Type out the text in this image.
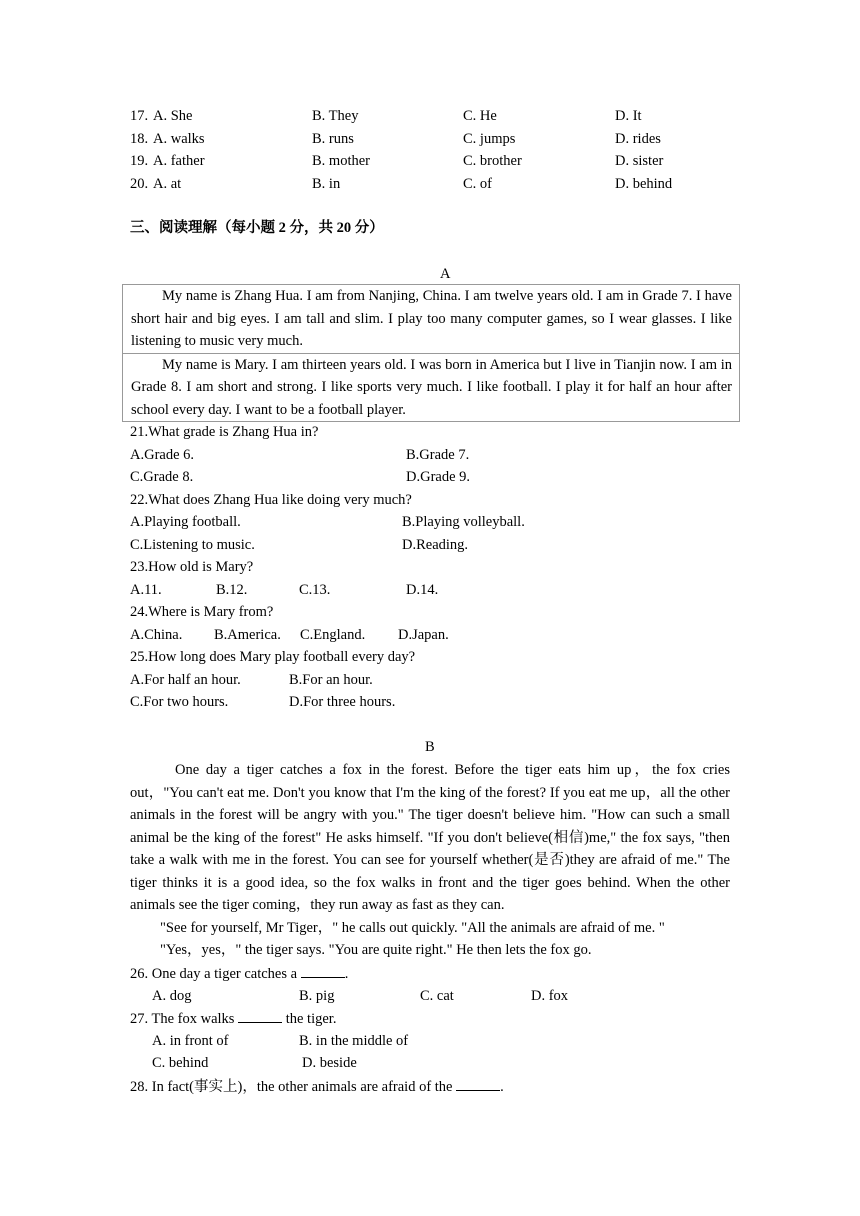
17. A. She	B. They	C. He	D. It
18. A. walks	B. runs	C. jumps	D. rides
19. A. father	B. mother	C. brother	D. sister
20. A. at	B. in	C. of	D. behind
三、阅读理解（每小题 2 分，共 20 分）
A
My name is Zhang Hua. I am from Nanjing, China. I am twelve years old. I am in Grade 7. I have short hair and big eyes. I am tall and slim. I play too many computer games, so I wear glasses. I like listening to music very much.
My name is Mary. I am thirteen years old. I was born in America but I live in Tianjin now. I am in Grade 8. I am short and strong. I like sports very much. I like football. I play it for half an hour after school every day. I want to be a football player.
21.What grade is Zhang Hua in?
A.Grade 6.	B.Grade 7.
C.Grade 8.	D.Grade 9.
22.What does Zhang Hua like doing very much?
A.Playing football.	B.Playing volleyball.
C.Listening to music.	D.Reading.
23.How old is Mary?
A.11.	B.12.	C.13.	D.14.
24.Where is Mary from?
A.China. B.America. C.England. D.Japan.
25.How long does Mary play football every day?
A.For half an hour.	B.For an hour.
C.For two hours.	D.For three hours.
B

One day a tiger catches a fox in the forest. Before the tiger eats him up，the fox cries out，"You can't eat me. Don't you know that I'm the king of the forest? If you eat me up，all the other animals in the forest will be angry with you." The tiger doesn't believe him. "How can such a small animal be the king of the forest" He asks himself. "If you don't believe(相信)me," the fox says, "then take a walk with me in the forest. You can see for yourself whether(是否)they are afraid of me." The tiger thinks it is a good idea, so the fox walks in front and the tiger goes behind. When the other animals see the tiger coming，they run away as fast as they can.

"See for yourself, Mr Tiger，" he calls out quickly. "All the animals are afraid of me. "

"Yes，yes，" the tiger says. "You are quite right." He then lets the fox go.

26. One day a tiger catches a	.
A. dog	B. pig	C. cat	D. fox
27. The fox walks	the tiger.
A. in front of	B. in the middle of
C. behind	D. beside
28. In fact(事实上)，the other animals are afraid of the	.
